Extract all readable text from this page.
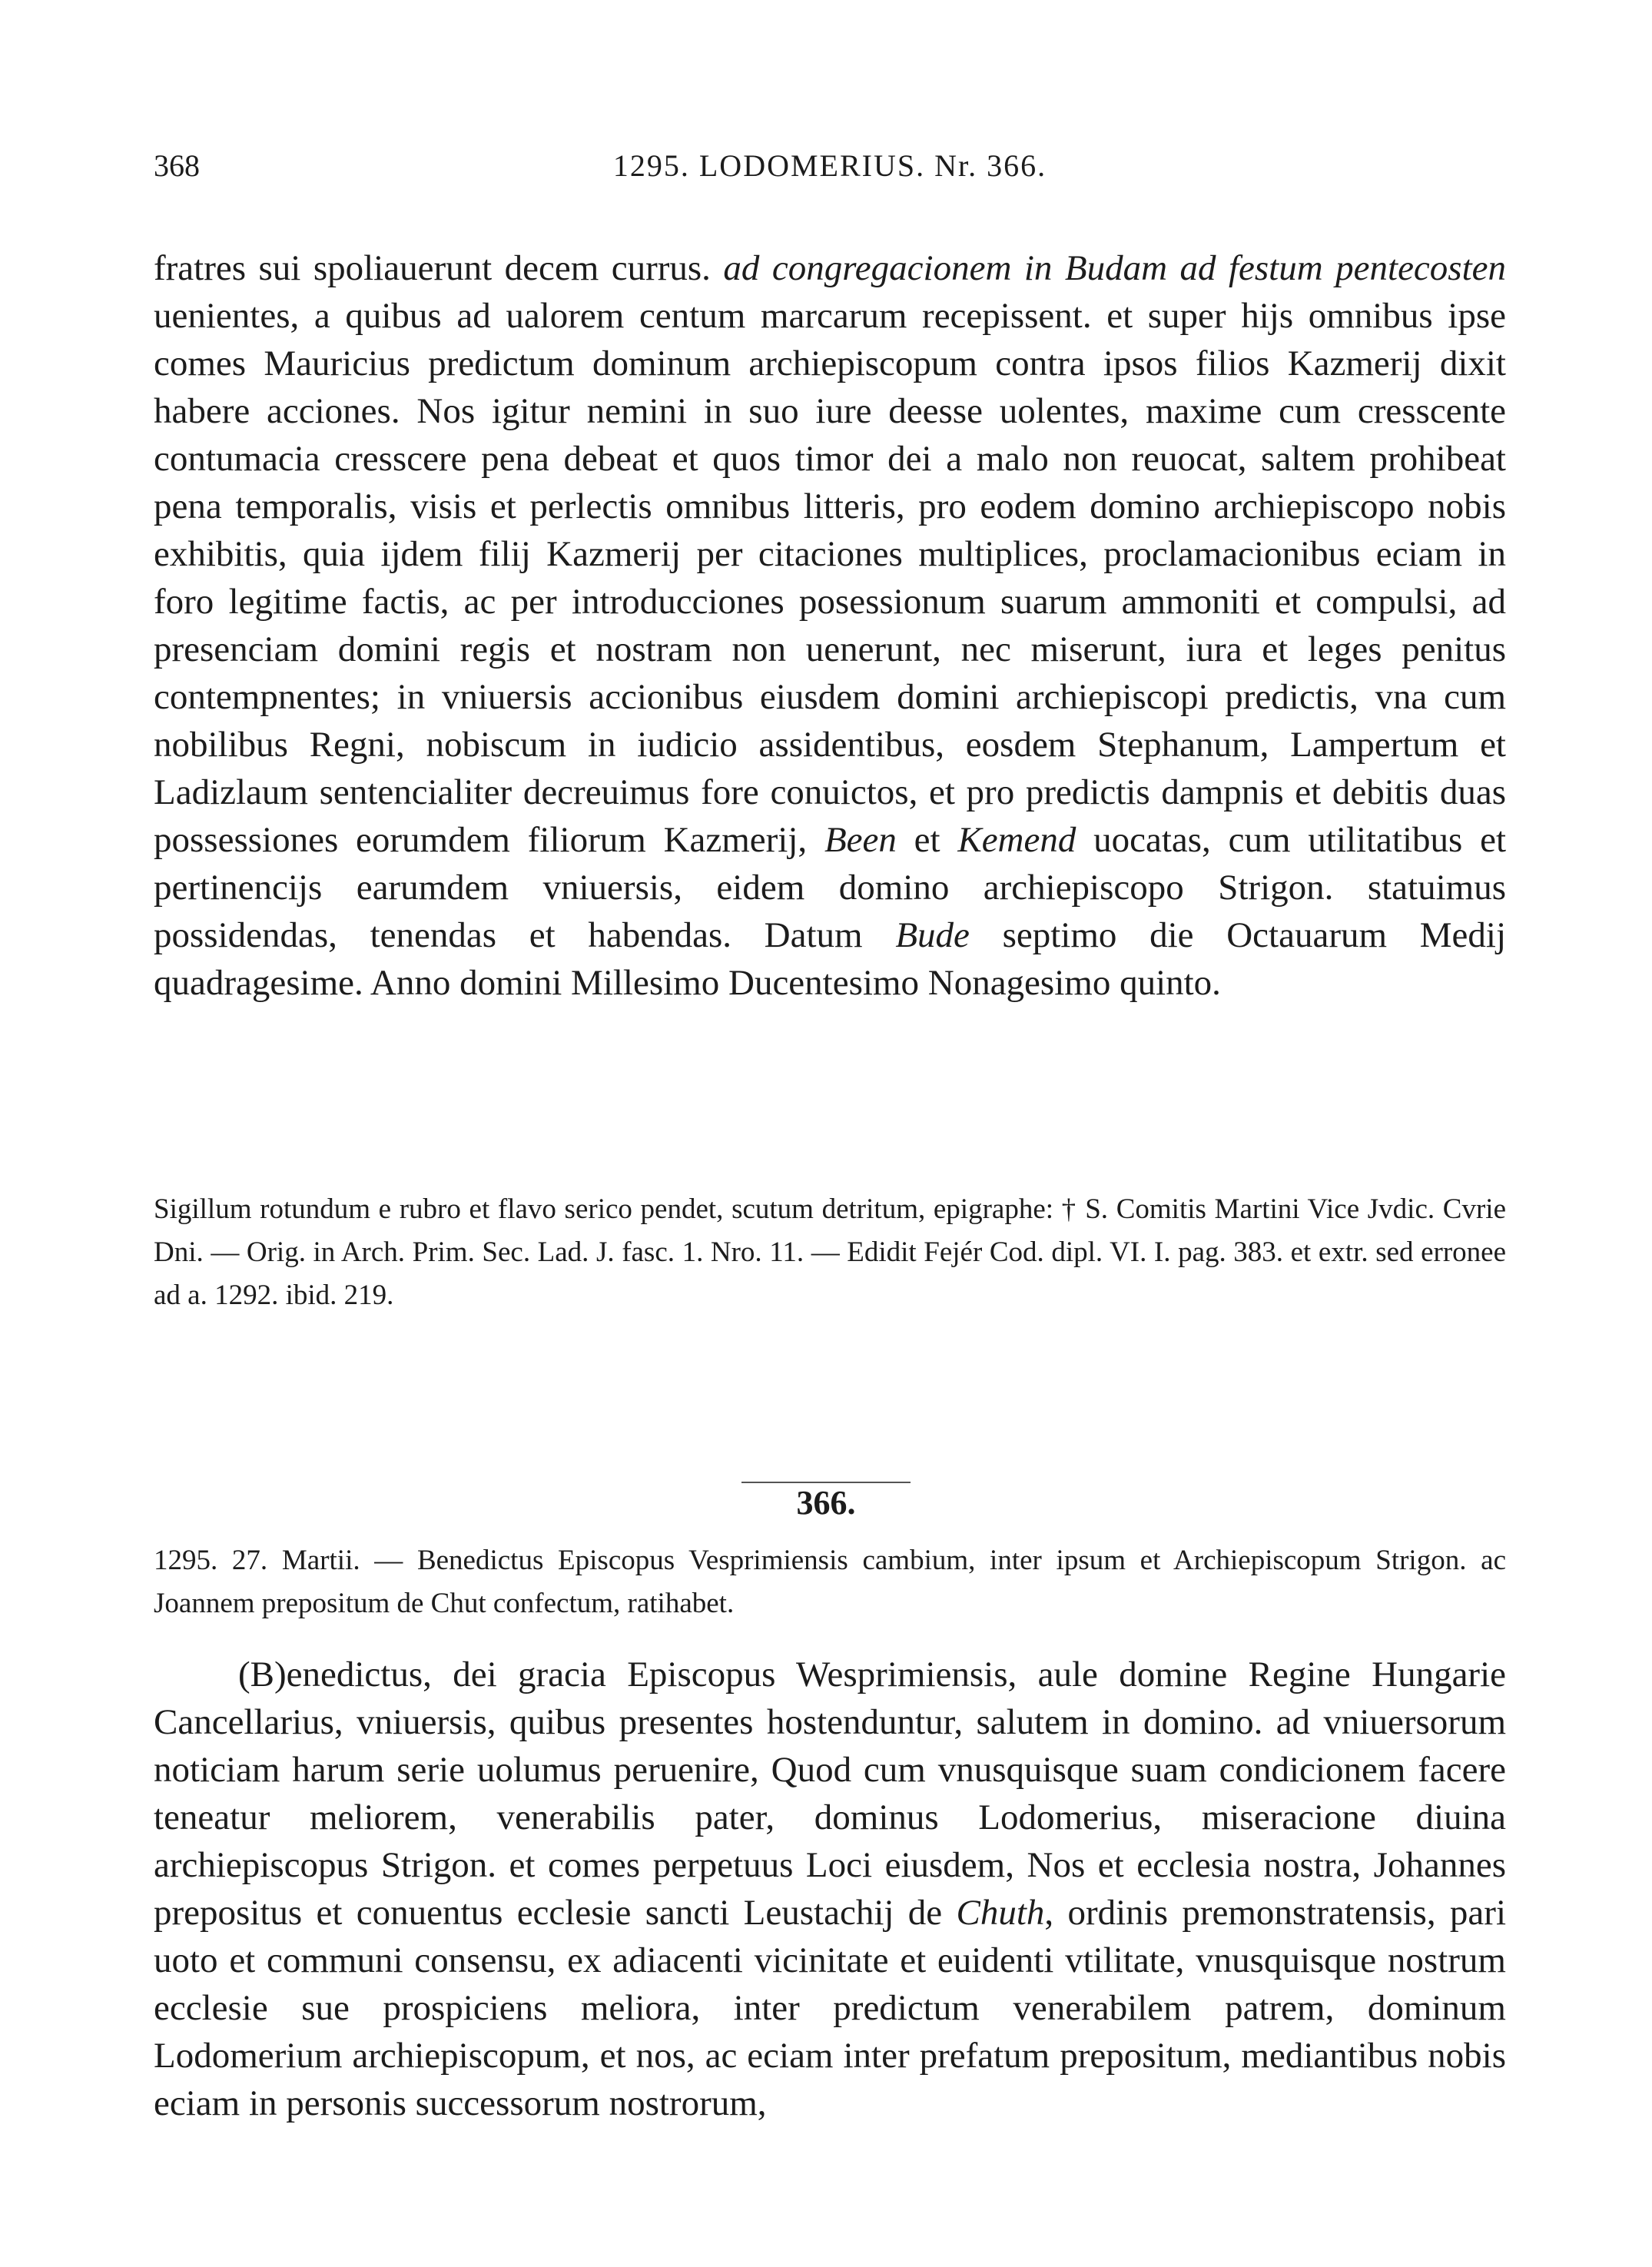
368	1295. LODOMERIUS. Nr. 366.

fratres sui spoliauerunt decem currus. ad congregacionem in Budam ad festum pentecosten uenientes, a quibus ad ualorem centum marcarum recepissent. et super hijs omnibus ipse comes Mauricius predictum dominum archiepiscopum contra ipsos filios Kazmerij dixit habere acciones. Nos igitur nemini in suo iure deesse uolentes, maxime cum cresscente contumacia cresscere pena debeat et quos timor dei a malo non reuocat, saltem prohibeat pena temporalis, visis et perlectis omnibus litteris, pro eodem domino archiepiscopo nobis exhibitis, quia ijdem filij Kazmerij per citaciones multiplices, proclamacionibus eciam in foro legitime factis, ac per introducciones posessionum suarum ammoniti et compulsi, ad presenciam domini regis et nostram non uenerunt, nec miserunt, iura et leges penitus contempnentes; in vniuersis accionibus eiusdem domini archiepiscopi predictis, vna cum nobilibus Regni, nobiscum in iudicio assidentibus, eosdem Stephanum, Lampertum et Ladizlaum sentencialiter decreuimus fore conuictos, et pro predictis dampnis et debitis duas possessiones eorumdem filiorum Kazmerij, Been et Kemend uocatas, cum utilitatibus et pertinencijs earumdem vniuersis, eidem domino archiepiscopo Strigon. statuimus possidendas, tenendas et habendas. Datum Bude septimo die Octauarum Medij quadragesime. Anno domini Millesimo Ducentesimo Nonagesimo quinto.

Sigillum rotundum e rubro et flavo serico pendet, scutum detritum, epigraphe: † S. Comitis Martini Vice Jvdic. Cvrie Dni. — Orig. in Arch. Prim. Sec. Lad. J. fasc. 1. Nro. 11. — Edidit Fejér Cod. dipl. VI. I. pag. 383. et extr. sed erronee ad a. 1292. ibid. 219.

366.

1295. 27. Martii. — Benedictus Episcopus Vesprimiensis cambium, inter ipsum et Archiepiscopum Strigon. ac Joannem prepositum de Chut confectum, ratihabet.

(B)enedictus, dei gracia Episcopus Wesprimiensis, aule domine Regine Hungarie Cancellarius, vniuersis, quibus presentes hostenduntur, salutem in domino. ad vniuersorum noticiam harum serie uolumus peruenire, Quod cum vnusquisque suam condicionem facere teneatur meliorem, venerabilis pater, dominus Lodomerius, miseracione diuina archiepiscopus Strigon. et comes perpetuus Loci eiusdem, Nos et ecclesia nostra, Johannes prepositus et conuentus ecclesie sancti Leustachij de Chuth, ordinis premonstratensis, pari uoto et communi consensu, ex adiacenti vicinitate et euidenti vtilitate, vnusquisque nostrum ecclesie sue prospiciens meliora, inter predictum venerabilem patrem, dominum Lodomerium archiepiscopum, et nos, ac eciam inter prefatum prepositum, mediantibus nobis eciam in personis successorum nostrorum,
